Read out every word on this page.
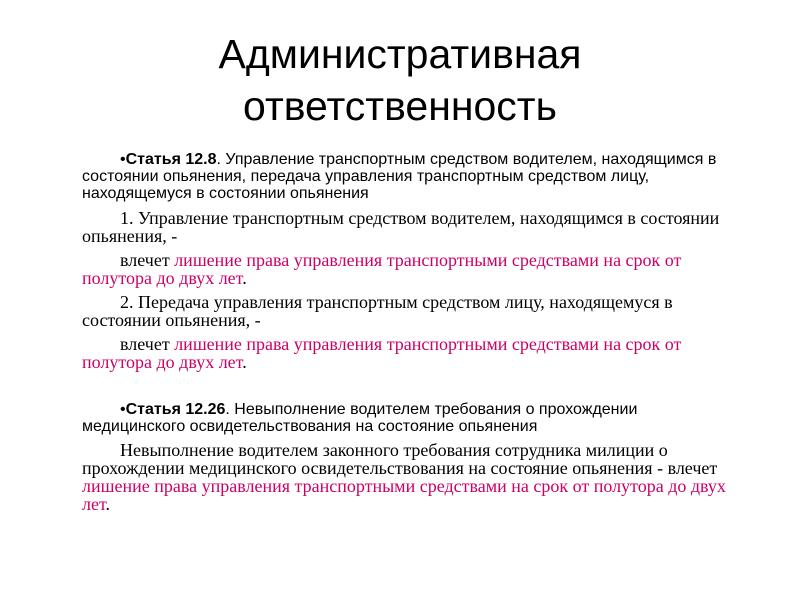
Административная
ответственность

•Статья 12.8. Управление транспортным средством водителем, находящимся в состоянии опьянения, передача управления транспортным средством лицу, находящемуся в состоянии опьянения

1. Управление транспортным средством водителем, находящимся в состоянии опьянения, -

влечет лишение права управления транспортными средствами на срок от полутора до двух лет.

2. Передача управления транспортным средством лицу, находящемуся в состоянии опьянения, -

влечет лишение права управления транспортными средствами на срок от полутора до двух лет.

•Статья 12.26. Невыполнение водителем требования о прохождении медицинского освидетельствования на состояние опьянения

Невыполнение водителем законного требования сотрудника милиции о прохождении медицинского освидетельствования на состояние опьянения - влечет лишение права управления транспортными средствами на срок от полутора до двух лет.
